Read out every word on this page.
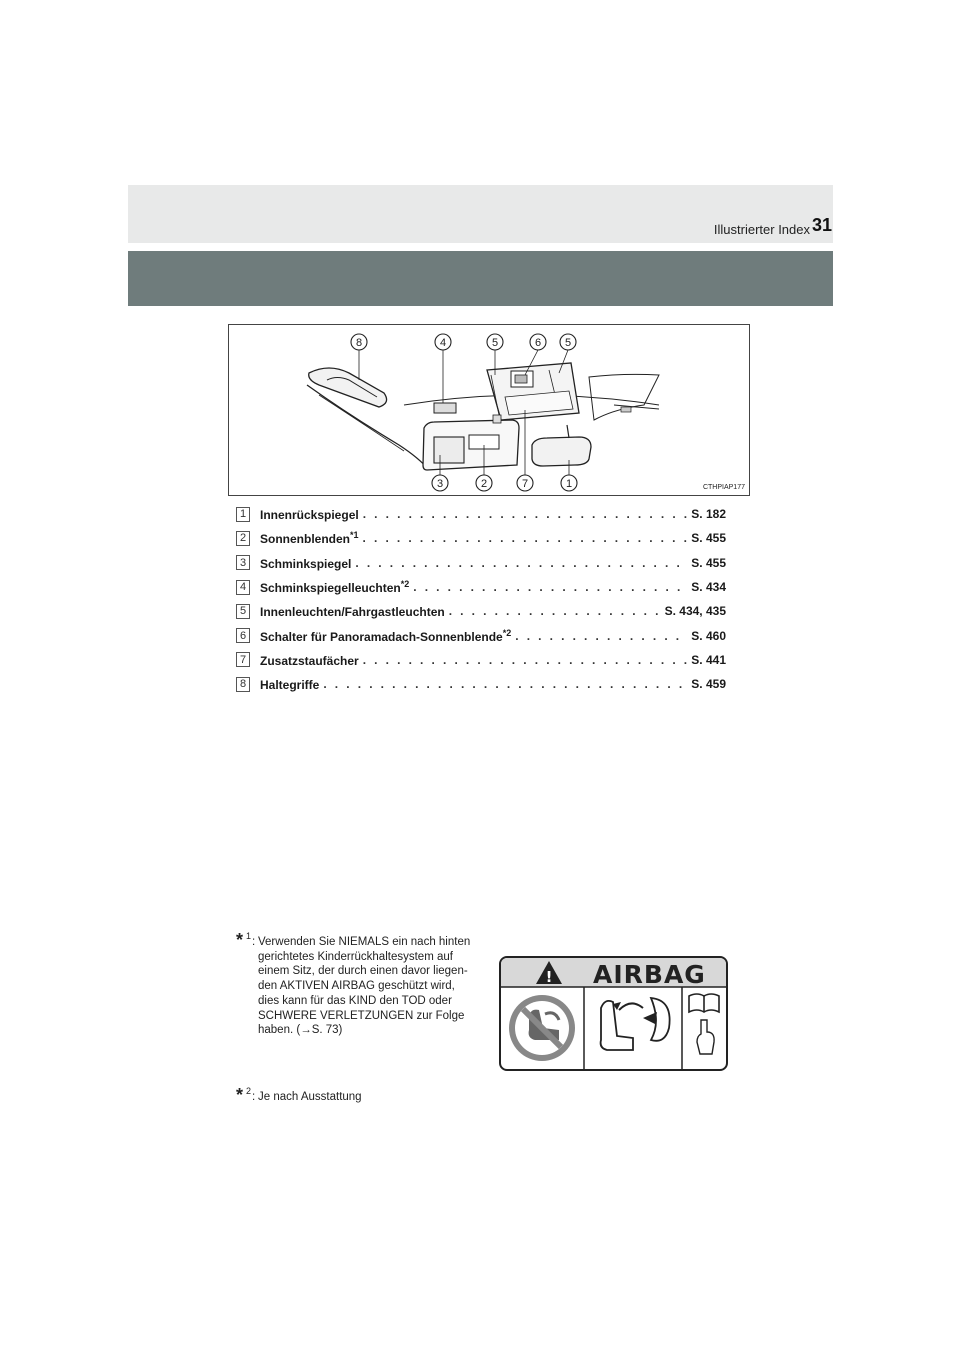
Illustrierter Index 31
8	4	5	6 5
3	2	7	1	CTHPIAP177
1	Innenrückspiegel . . .	S. 182
2	Sonnenblenden$^{*1}$ . . .	S. 455
3	Schminkspiegel . . .	S. 455
4	Schminkspiegelleuchten$^{*2}$ . . .	S. 434
5	Innenleuchten/Fahrgastleuchten . . .	S. 434, 435
6	Schalter für Panoramadach-Sonnenblende$^{*2}$ . . .	S. 460
7	Zusatzstaufächer . . .	S. 441
8	Haltegriffe . . .	S. 459
* 1 : Verwenden Sie NIEMALS ein nach hinten
gerichtetes Kinderrückhaltesystem auf
einem Sitz, der durch einen davor liegen-
den AKTIVEN AIRBAG geschützt wird,
dies kann für das KIND den TOD oder
SCHWERE VERLETZUNGEN zur Folge
haben. (→S. 73)
* 2 : Je nach Ausstattung
! AIRBAG
